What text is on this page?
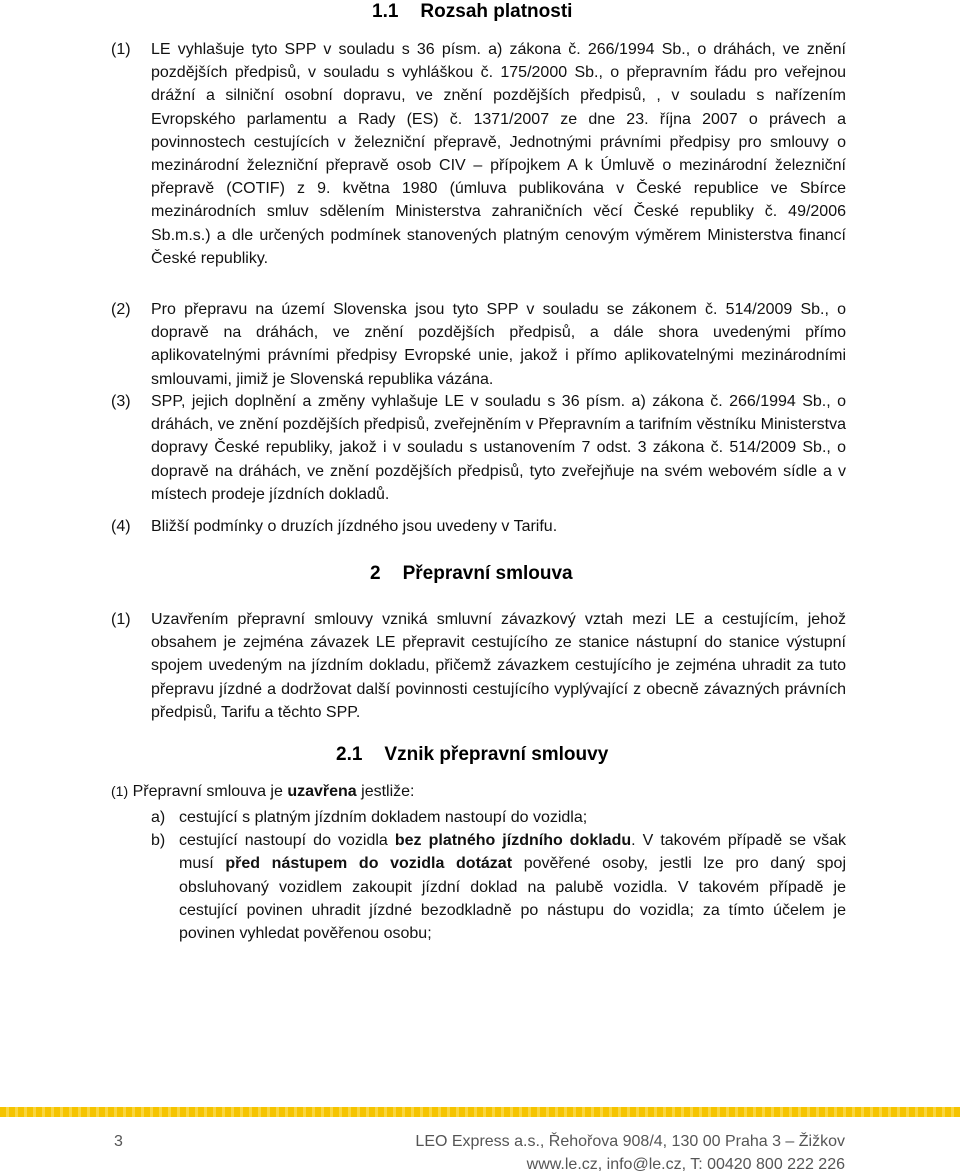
1.1 Rozsah platnosti
(1) LE vyhlašuje tyto SPP v souladu s 36 písm. a) zákona č. 266/1994 Sb., o dráhách, ve znění pozdějších předpisů, v souladu s vyhláškou č. 175/2000 Sb., o přepravním řádu pro veřejnou drážní a silniční osobní dopravu, ve znění pozdějších předpisů, , v souladu s nařízením Evropského parlamentu a Rady (ES) č. 1371/2007 ze dne 23. října 2007 o právech a povinnostech cestujících v železniční přepravě, Jednotnými právními předpisy pro smlouvy o mezinárodní železniční přepravě osob CIV – přípojkem A k Úmluvě o mezinárodní železniční přepravě (COTIF) z 9. května 1980 (úmluva publikována v České republice ve Sbírce mezinárodních smluv sdělením Ministerstva zahraničních věcí České republiky č. 49/2006 Sb.m.s.) a dle určených podmínek stanovených platným cenovým výměrem Ministerstva financí České republiky.
(2) Pro přepravu na území Slovenska jsou tyto SPP v souladu se zákonem č. 514/2009 Sb., o dopravě na dráhách, ve znění pozdějších předpisů, a dále shora uvedenými přímo aplikovatelnými právními předpisy Evropské unie, jakož i přímo aplikovatelnými mezinárodními smlouvami, jimiž je Slovenská republika vázána.
(3) SPP, jejich doplnění a změny vyhlašuje LE v souladu s 36 písm. a) zákona č. 266/1994 Sb., o dráhách, ve znění pozdějších předpisů, zveřejněním v Přepravním a tarifním věstníku Ministerstva dopravy České republiky, jakož i v souladu s ustanovením 7 odst. 3 zákona č. 514/2009 Sb., o dopravě na dráhách, ve znění pozdějších předpisů, tyto zveřejňuje na svém webovém sídle a v místech prodeje jízdních dokladů.
(4) Bližší podmínky o druzích jízdného jsou uvedeny v Tarifu.
2 Přepravní smlouva
(1) Uzavřením přepravní smlouvy vzniká smluvní závazkový vztah mezi LE a cestujícím, jehož obsahem je zejména závazek LE přepravit cestujícího ze stanice nástupní do stanice výstupní spojem uvedeným na jízdním dokladu, přičemž závazkem cestujícího je zejména uhradit za tuto přepravu jízdné a dodržovat další povinnosti cestujícího vyplývající z obecně závazných právních předpisů, Tarifu a těchto SPP.
2.1 Vznik přepravní smlouvy
(1) Přepravní smlouva je uzavřena jestliže:
a) cestující s platným jízdním dokladem nastoupí do vozidla;
b) cestující nastoupí do vozidla bez platného jízdního dokladu. V takovém případě se však musí před nástupem do vozidla dotázat pověřené osoby, jestli lze pro daný spoj obsluhovaný vozidlem zakoupit jízdní doklad na palubě vozidla. V takovém případě je cestující povinen uhradit jízdné bezodkladně po nástupu do vozidla; za tímto účelem je povinen vyhledat pověřenou osobu;
3	LEO Express a.s., Řehořova 908/4, 130 00 Praha 3 – Žižkov
www.le.cz, info@le.cz, T: 00420 800 222 226
